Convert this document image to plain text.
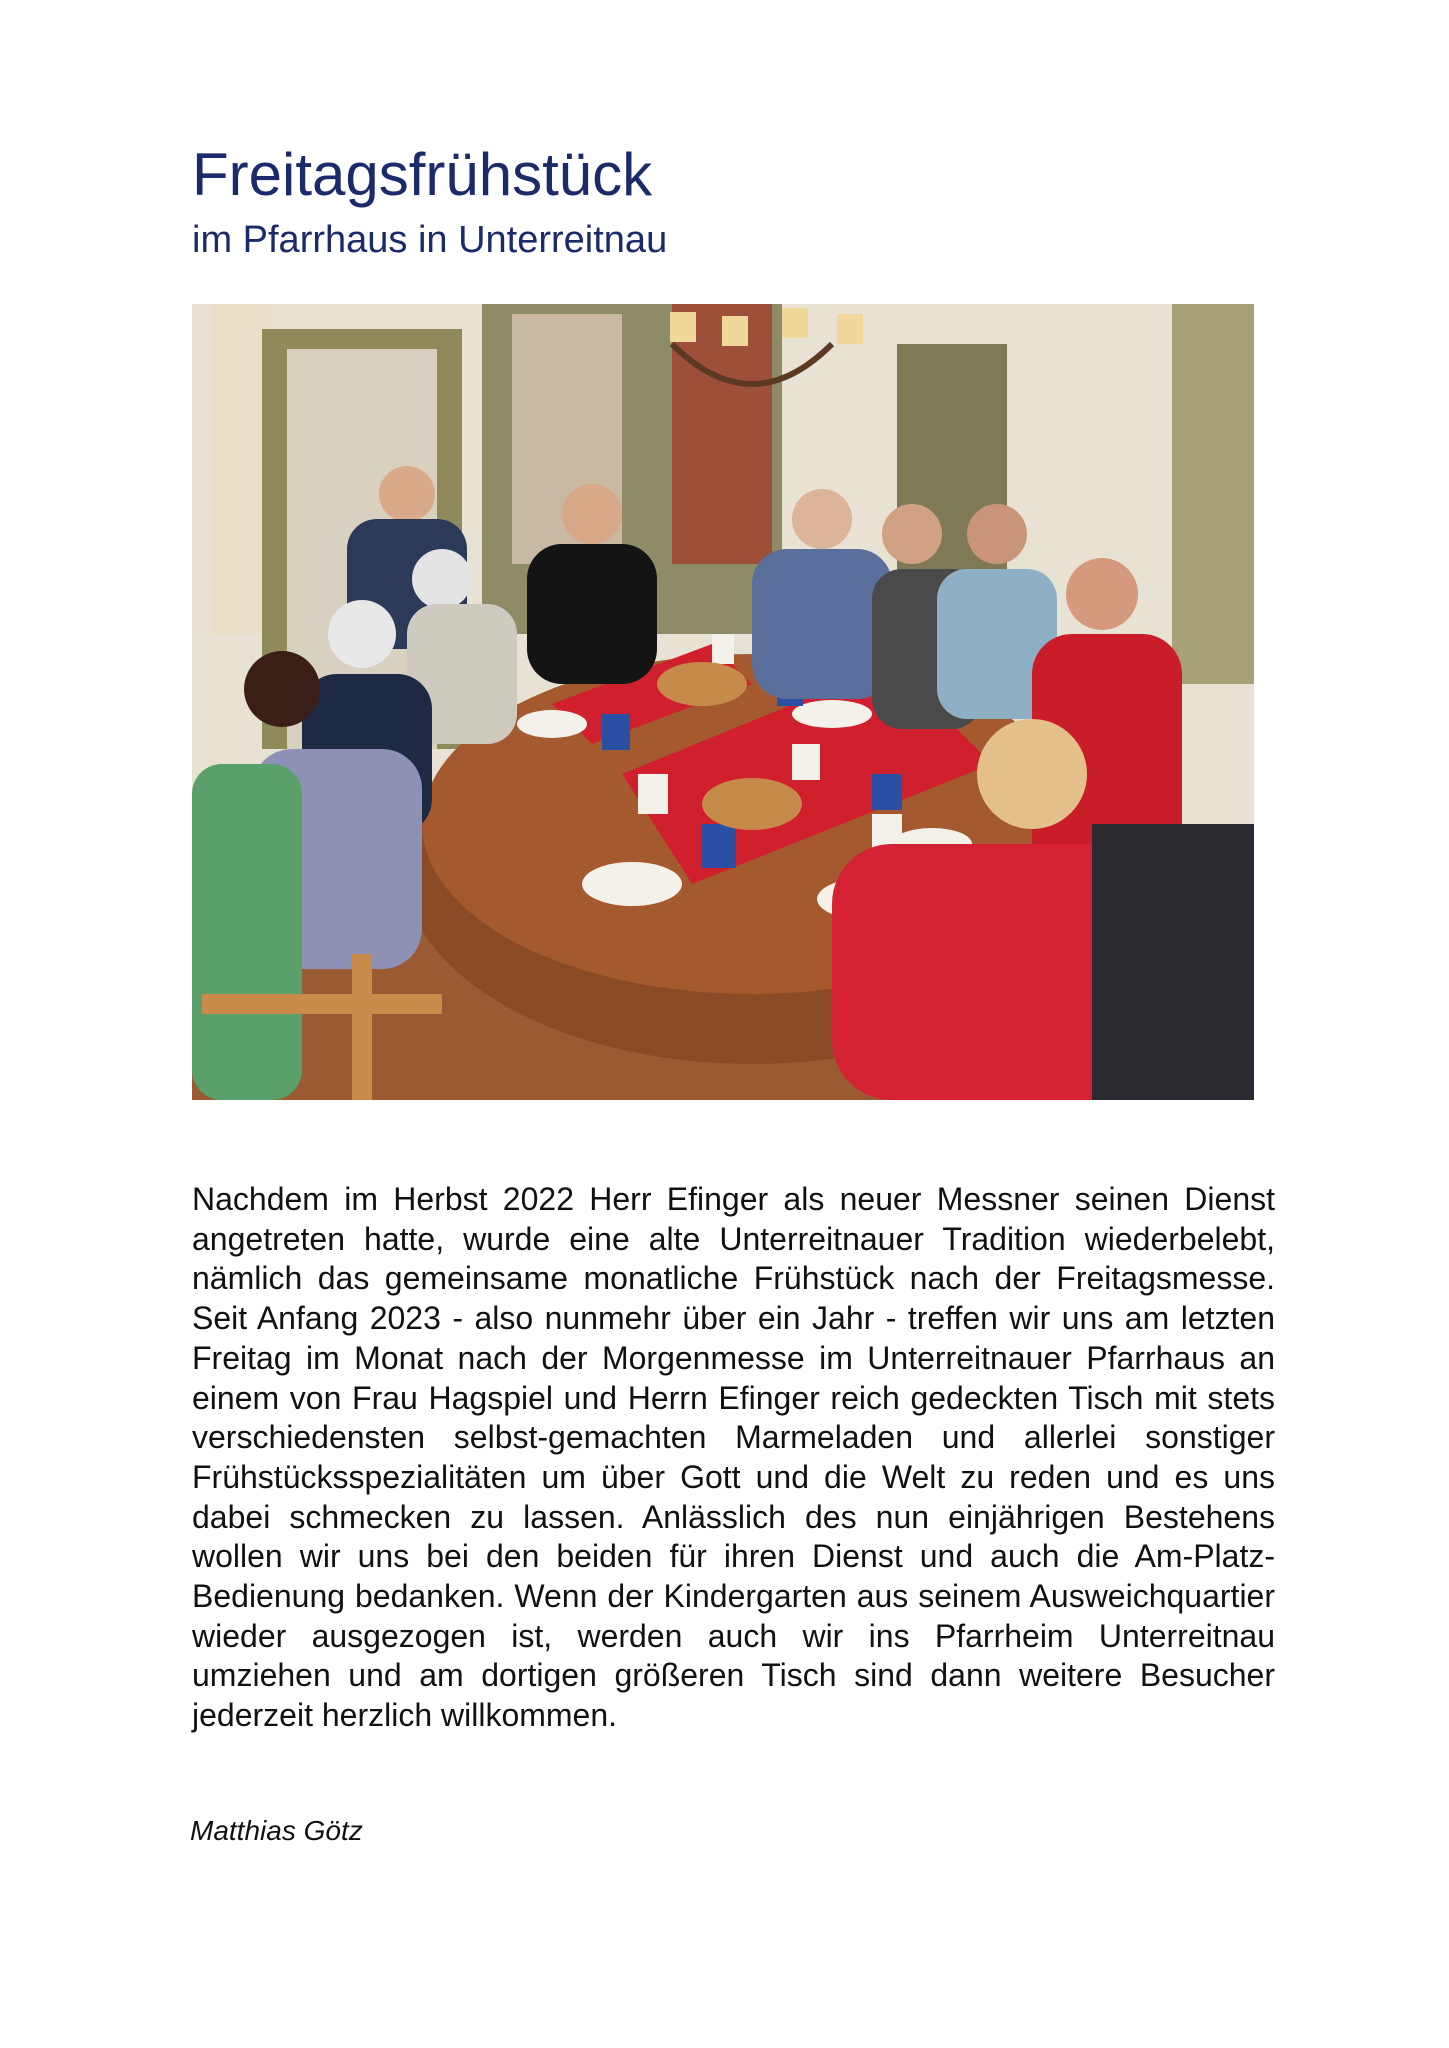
Freitagsfrühstück
im Pfarrhaus in Unterreitnau

Nachdem im Herbst 2022 Herr Efinger als neuer Messner seinen Dienst angetreten hatte, wurde eine alte Unterreitnauer Tradition wiederbelebt, nämlich das gemeinsame monatliche Frühstück nach der Freitagsmesse. Seit Anfang 2023 - also nunmehr über ein Jahr - treffen wir uns am letzten Freitag im Monat nach der Morgenmesse im Unterreitnauer Pfarrhaus an einem von Frau Hagspiel und Herrn Efinger reich gedeckten Tisch mit stets verschiedensten selbst-gemachten Marmeladen und allerlei sonstiger Frühstücksspezialitäten um über Gott und die Welt zu reden und es uns dabei schmecken zu lassen. Anlässlich des nun einjährigen Bestehens wollen wir uns bei den beiden für ihren Dienst und auch die Am-Platz-Bedienung bedanken. Wenn der Kindergarten aus seinem Ausweichquartier wieder ausgezogen ist, werden auch wir ins Pfarrheim Unterreitnau umziehen und am dortigen größeren Tisch sind dann weitere Besucher jederzeit herzlich willkommen.

Matthias Götz
